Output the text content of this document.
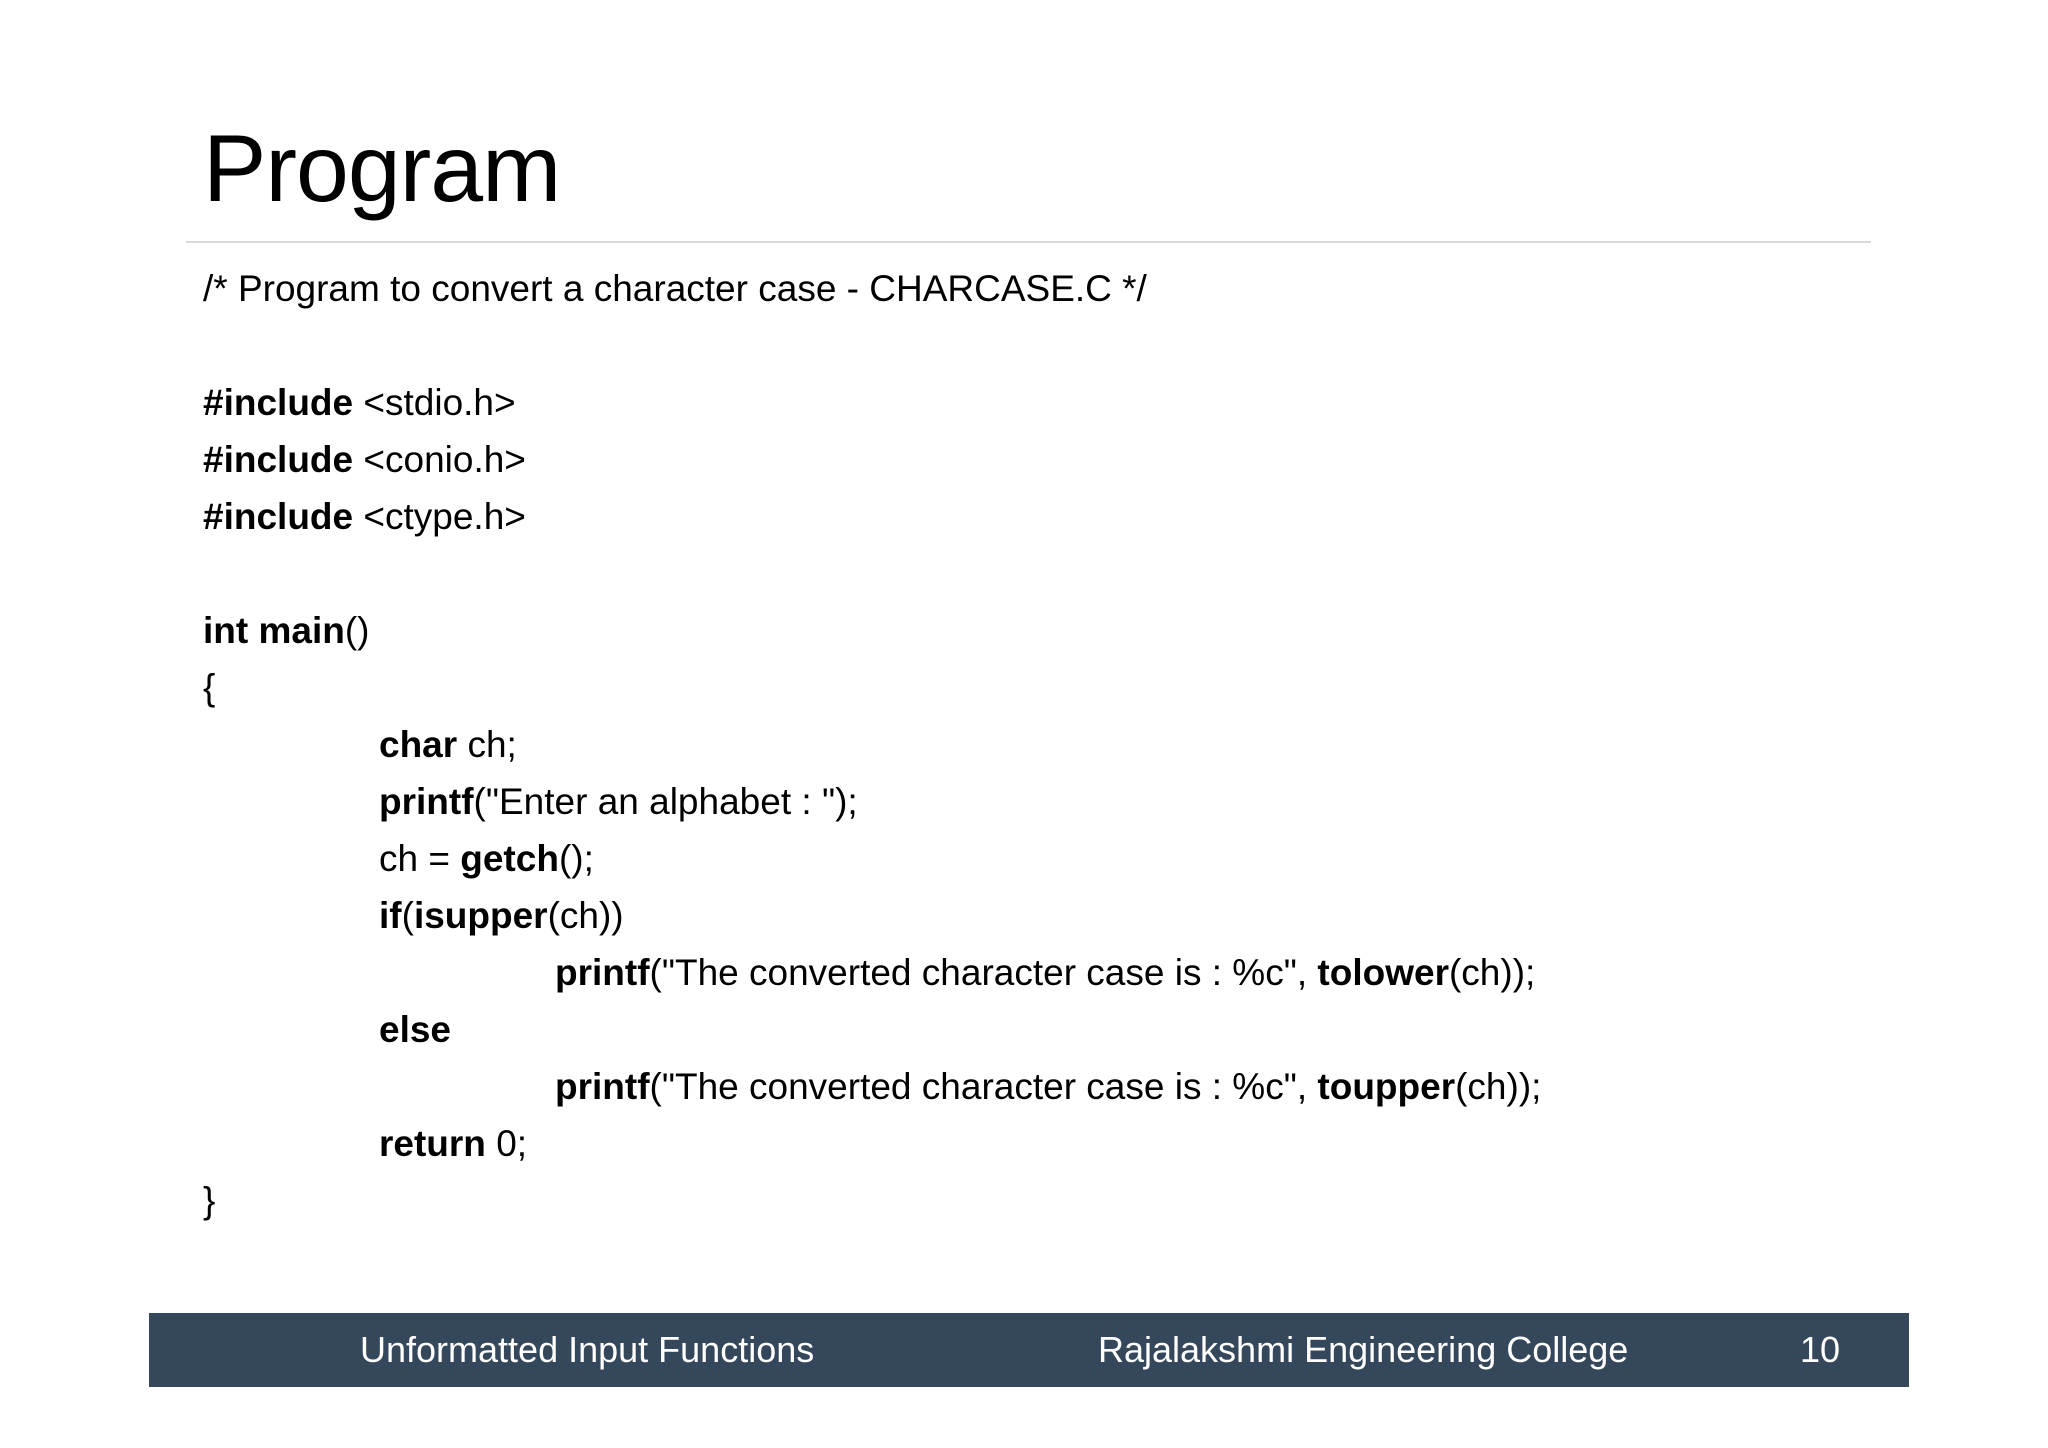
Program
/* Program to convert a character case - CHARCASE.C */
#include <stdio.h>
#include <conio.h>
#include <ctype.h>
int main()
{
char ch;
printf("Enter an alphabet : ");
ch = getch();
if(isupper(ch))
printf("The converted character case is : %c", tolower(ch));
else
printf("The converted character case is : %c", toupper(ch));
return 0;
}
Unformatted Input Functions	Rajalakshmi Engineering College	10
